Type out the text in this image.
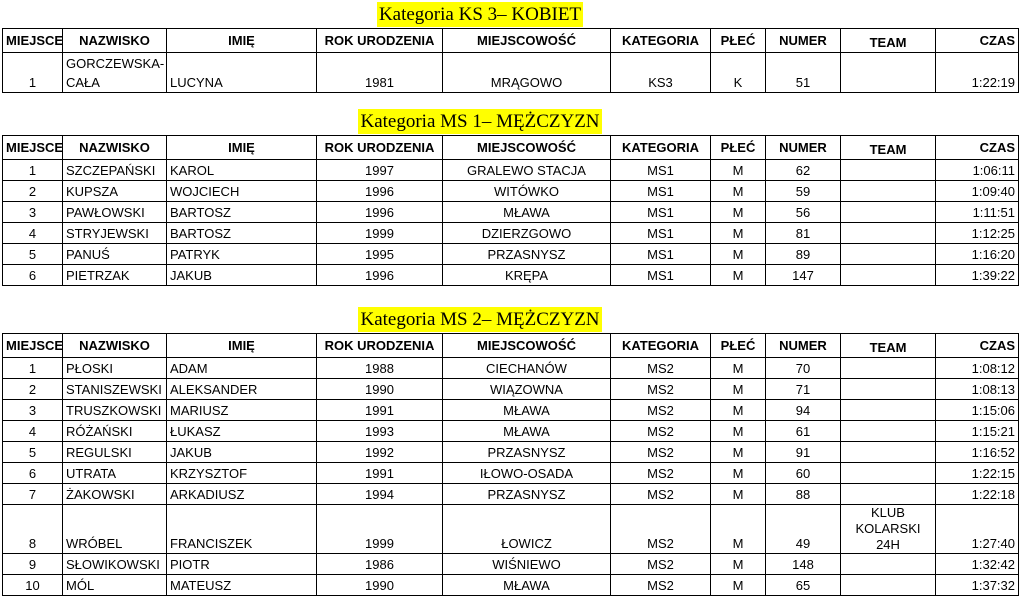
Kategoria KS 3– KOBIET
MIEJSCE	NAZWISKO	IMIĘ	ROK URODZENIA	MIEJSCOWOŚĆ	KATEGORIA	PŁEĆ	NUMER	TEAM	CZAS
1	GORCZEWSKA-CAŁA	LUCYNA	1981	MRĄGOWO	KS3	K	51		1:22:19
Kategoria MS 1– MĘŻCZYZN
MIEJSCE	NAZWISKO	IMIĘ	ROK URODZENIA	MIEJSCOWOŚĆ	KATEGORIA	PŁEĆ	NUMER	TEAM	CZAS
1	SZCZEPAŃSKI	KAROL	1997	GRALEWO STACJA	MS1	M	62		1:06:11
2	KUPSZA	WOJCIECH	1996	WITÓWKO	MS1	M	59		1:09:40
3	PAWŁOWSKI	BARTOSZ	1996	MŁAWA	MS1	M	56		1:11:51
4	STRYJEWSKI	BARTOSZ	1999	DZIERZGOWO	MS1	M	81		1:12:25
5	PANUŚ	PATRYK	1995	PRZASNYSZ	MS1	M	89		1:16:20
6	PIETRZAK	JAKUB	1996	KRĘPA	MS1	M	147		1:39:22
Kategoria MS 2– MĘŻCZYZN
MIEJSCE	NAZWISKO	IMIĘ	ROK URODZENIA	MIEJSCOWOŚĆ	KATEGORIA	PŁEĆ	NUMER	TEAM	CZAS
1	PŁOSKI	ADAM	1988	CIECHANÓW	MS2	M	70		1:08:12
2	STANISZEWSKI	ALEKSANDER	1990	WIĄZOWNA	MS2	M	71		1:08:13
3	TRUSZKOWSKI	MARIUSZ	1991	MŁAWA	MS2	M	94		1:15:06
4	RÓŻAŃSKI	ŁUKASZ	1993	MŁAWA	MS2	M	61		1:15:21
5	REGULSKI	JAKUB	1992	PRZASNYSZ	MS2	M	91		1:16:52
6	UTRATA	KRZYSZTOF	1991	IŁOWO-OSADA	MS2	M	60		1:22:15
7	ŻAKOWSKI	ARKADIUSZ	1994	PRZASNYSZ	MS2	M	88		1:22:18
8	WRÓBEL	FRANCISZEK	1999	ŁOWICZ	MS2	M	49	KLUB KOLARSKI 24H	1:27:40
9	SŁOWIKOWSKI	PIOTR	1986	WIŚNIEWO	MS2	M	148		1:32:42
10	MÓL	MATEUSZ	1990	MŁAWA	MS2	M	65		1:37:32
